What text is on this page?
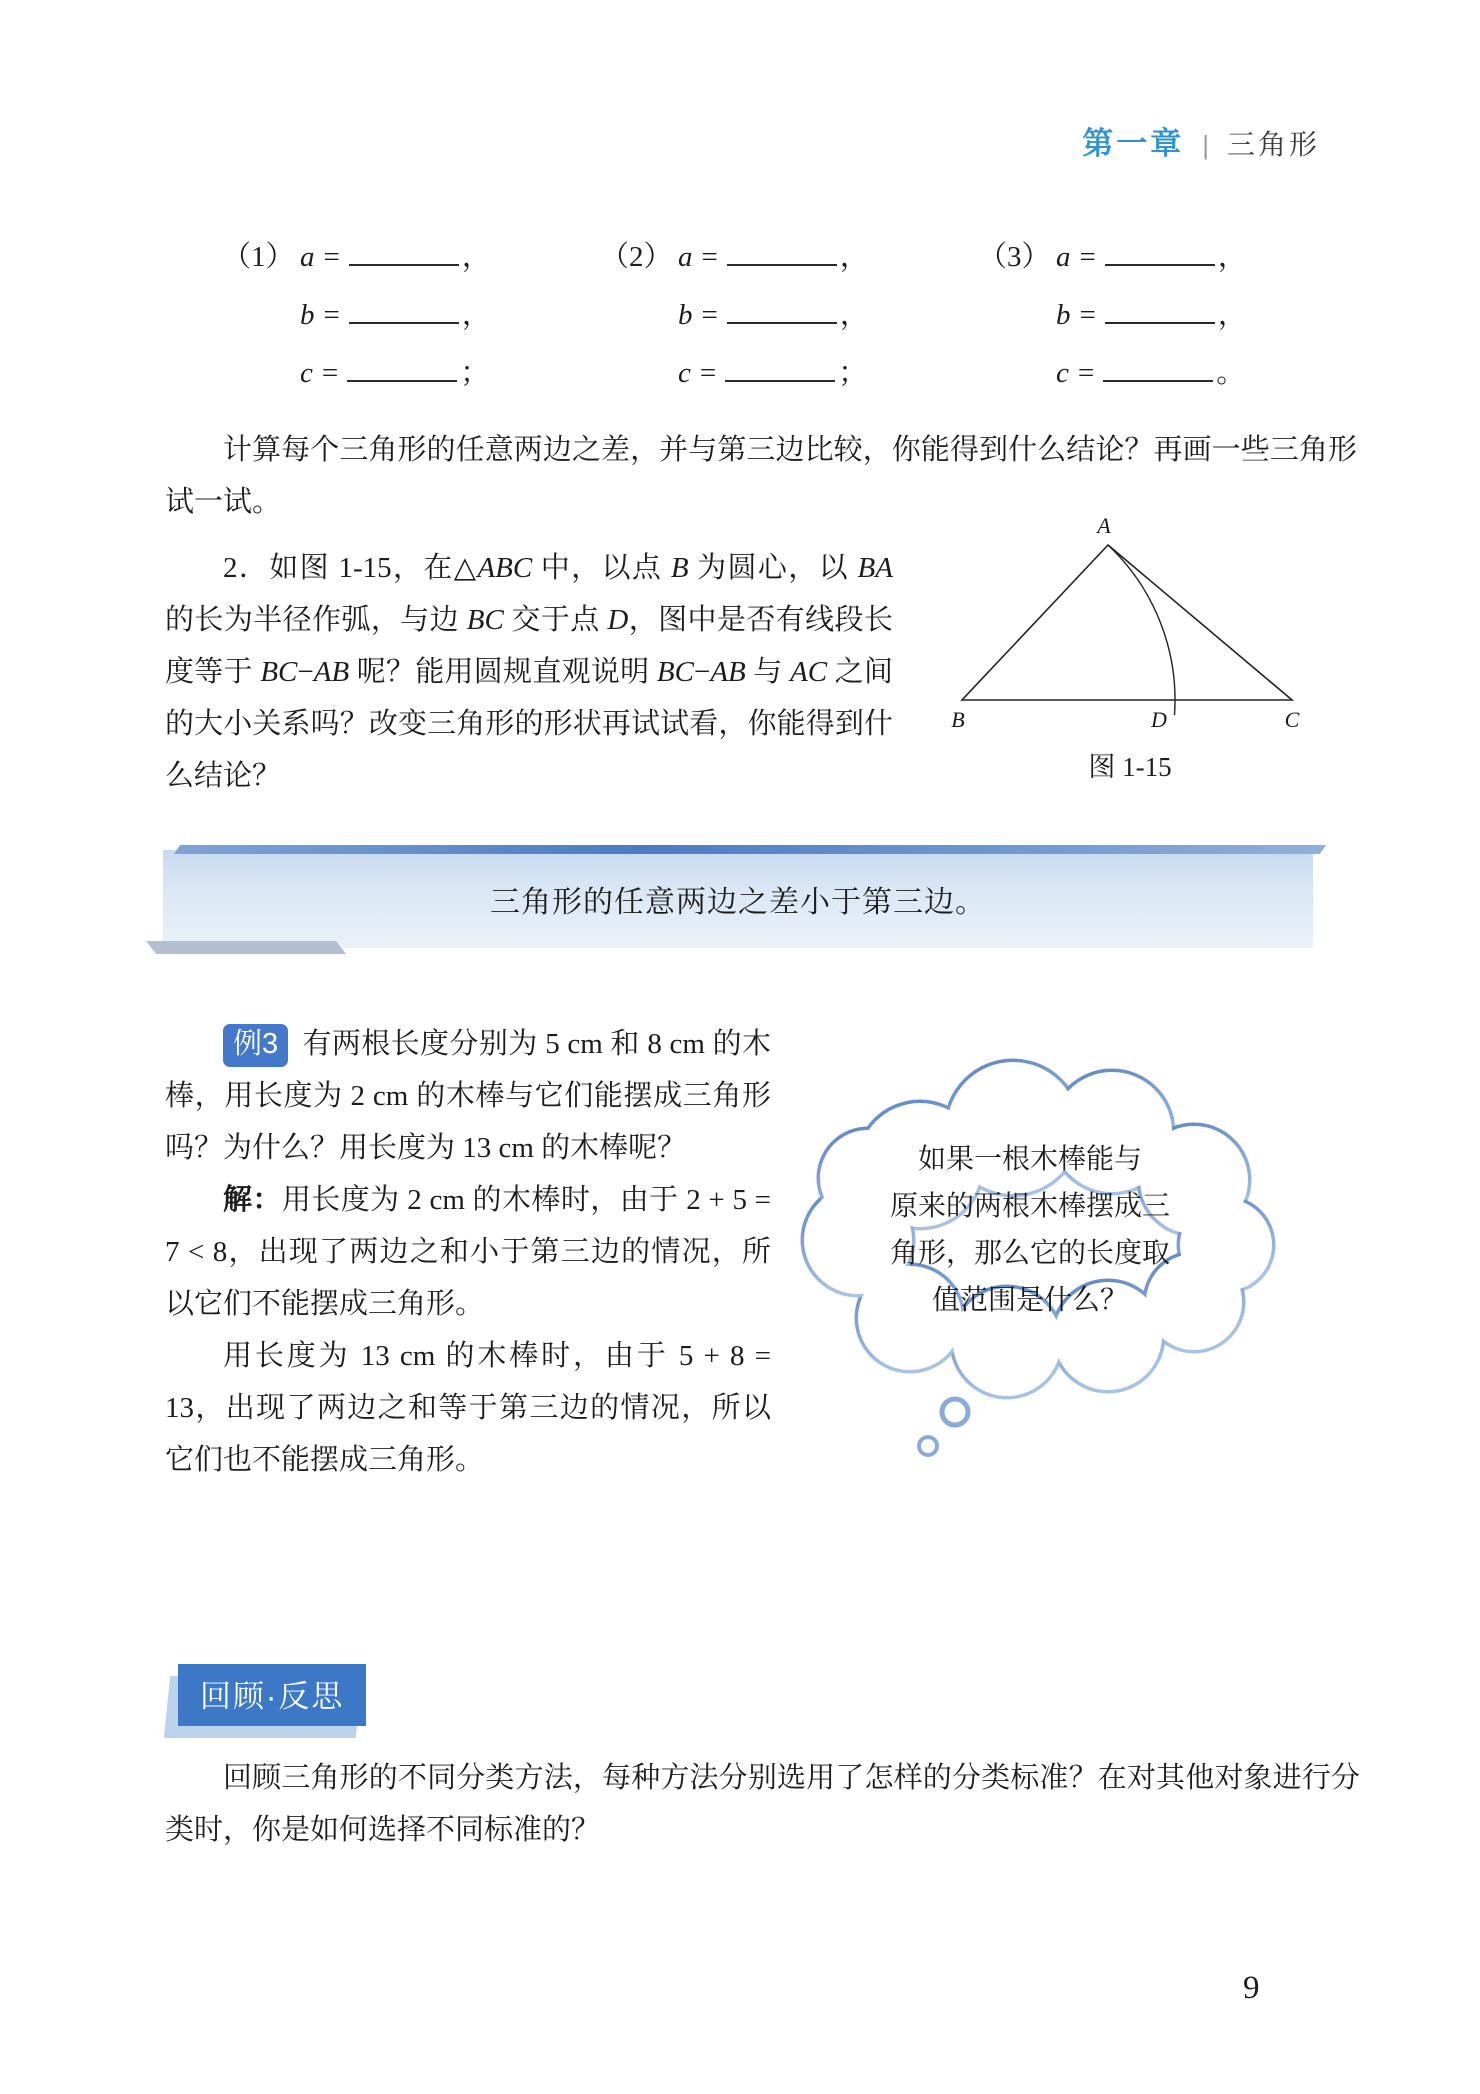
第一章 | 三角形
（1） a =	，
b =	，
c =	；
（2） a =	，
b =	，
c =	；
（3） a =	，
b =	，
c =	。

计算每个三角形的任意两边之差，并与第三边比较，你能得到什么结论？再画一些三角形试一试。

2．如图 1-15，在△ABC 中，以点 B 为圆心，以 BA 的长为半径作弧，与边 BC 交于点 D，图中是否有线段长度等于 BC−AB 呢？能用圆规直观说明 BC−AB 与 AC 之间的大小关系吗？改变三角形的形状再试试看，你能得到什么结论？

A
B	C
D
图 1-15
三角形的任意两边之差小于第三边。

例3 有两根长度分别为 5 cm 和 8 cm 的木棒，用长度为 2 cm 的木棒与它们能摆成三角形吗？为什么？用长度为 13 cm 的木棒呢？

解：用长度为 2 cm 的木棒时，由于 2 + 5 = 7 < 8，出现了两边之和小于第三边的情况，所以它们不能摆成三角形。

用长度为 13 cm 的木棒时，由于 5 + 8 = 13，出现了两边之和等于第三边的情况，所以它们也不能摆成三角形。

如果一根木棒能与
原来的两根木棒摆成三
角形，那么它的长度取
值范围是什么？
回顾·反思

回顾三角形的不同分类方法，每种方法分别选用了怎样的分类标准？在对其他对象进行分类时，你是如何选择不同标准的？

9
